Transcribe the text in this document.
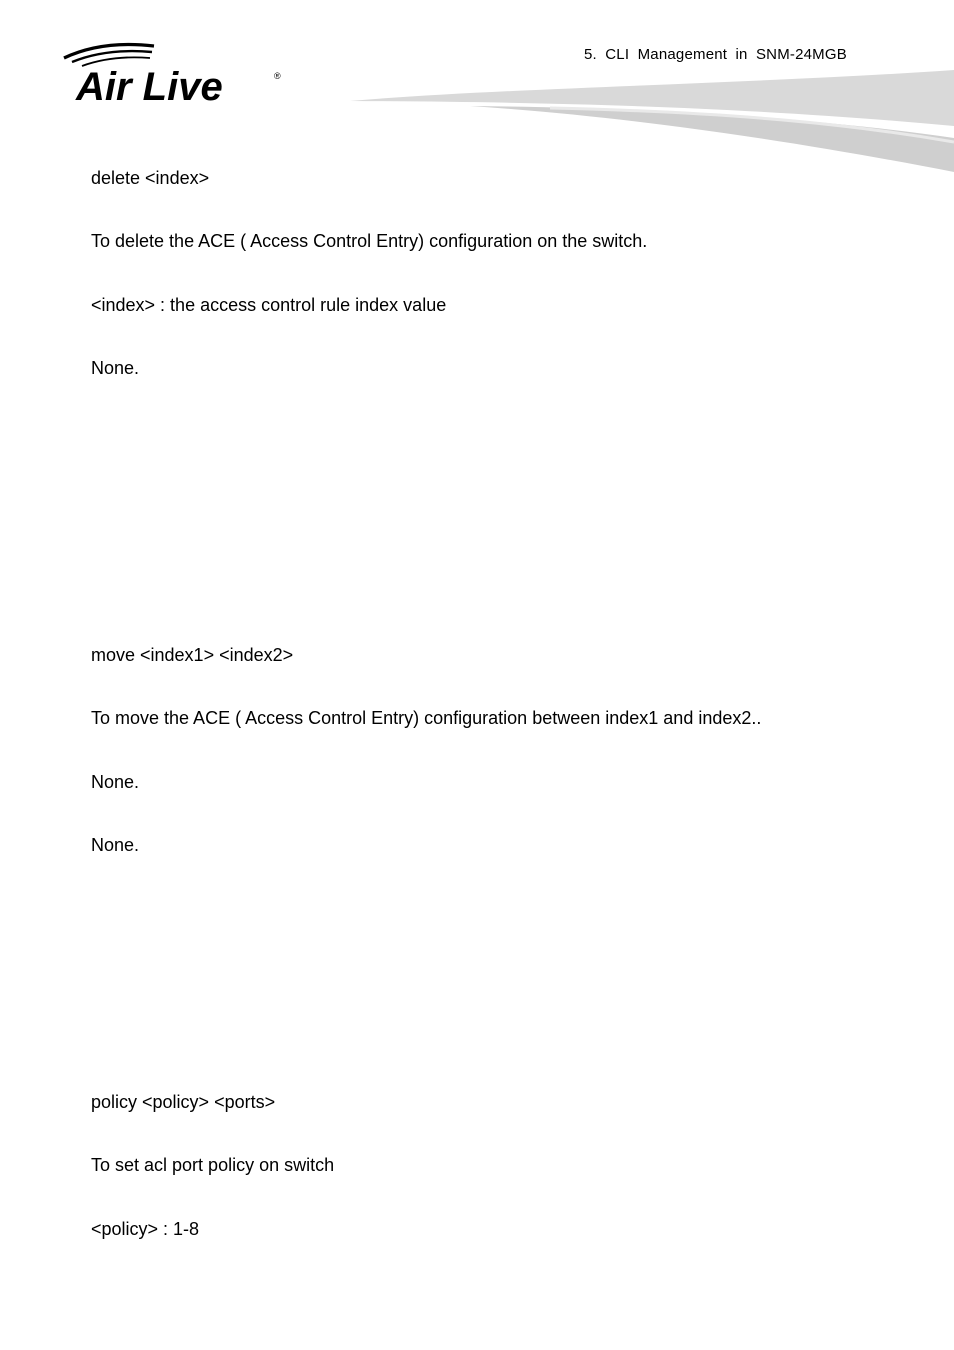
Air Live	®
5. CLI Management in SNM-24MGB
delete <index>
To delete the ACE ( Access Control Entry) configuration on the switch.
<index> : the access control rule index value
None.
move <index1> <index2>
To move the ACE ( Access Control Entry) configuration between index1 and index2..
None.
None.
policy <policy> <ports>
To set acl port policy on switch
<policy> : 1-8
